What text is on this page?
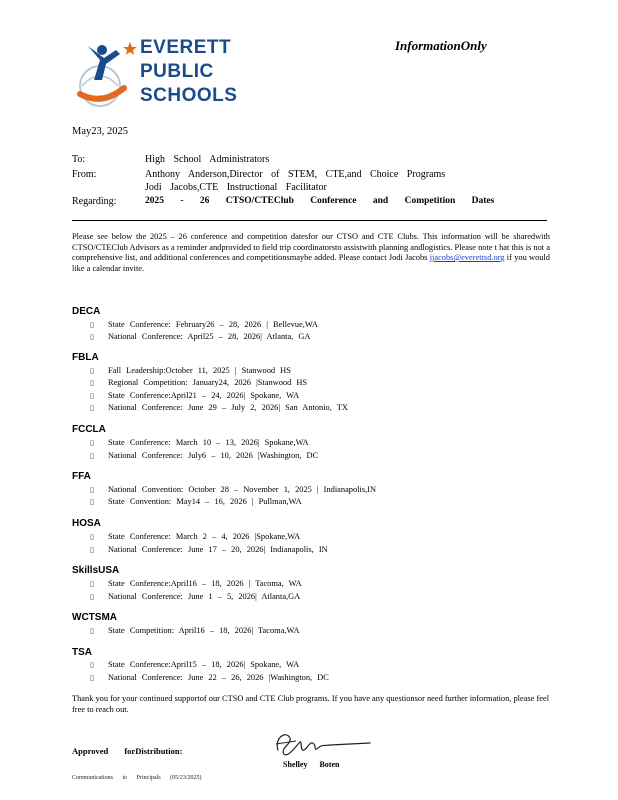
EVERETT
PUBLIC
SCHOOLS
InformationOnly
May23, 2025
To:	High School Administrators
From:	Anthony Anderson,Director of STEM, CTE,and Choice Programs
Jodi Jacobs,CTE Instructional Facilitator
Regarding:	2025 - 26 CTSO/CTEClub Conference and Competition Dates
Please see below the 2025 – 26 conference and competition datesfor our CTSO and CTE Clubs. This information will be sharedwith CTSO/CTEClub Advisors as a reminder andprovided to field trip coordinatorsto assistwith planning andlogistics. Please note t hat this is not a comprehensive list, and additional conferences and competitionsmaybe added. Please contact Jodi Jacobs jjacobs@everettsd.org if you would like a calendar invite.
DECA
▯ State Conference: February26 – 28, 2026 | Bellevue,WA
▯ National Conference: April25 – 28, 2026| Atlanta, GA
FBLA
▯ Fall Leadership:October 11, 2025 | Stanwood HS
▯ Regional Competition: January24, 2026 |Stanwood HS
▯ State Conference:April21 – 24, 2026| Spokane, WA
▯ National Conference: June 29 – July 2, 2026| San Antonio, TX
FCCLA
▯ State Conference: March 10 – 13, 2026| Spokane,WA
▯ National Conference: July6 – 10, 2026 |Washington, DC
FFA
▯ National Convention: October 28 – November 1, 2025 | Indianapolis,IN
▯ State Convention: May14 – 16, 2026 | Pullman,WA
HOSA
▯ State Conference: March 2 – 4, 2026 |Spokane,WA
▯ National Conference: June 17 – 20, 2026| Indianapolis, IN
SkillsUSA
▯ State Conference:April16 – 18, 2026 | Tacoma, WA
▯ National Conference: June 1 – 5, 2026| Atlanta,GA
WCTSMA
▯ State Competition: April16 – 18, 2026| Tacoma,WA
TSA
▯ State Conference:April15 – 18, 2026| Spokane, WA
▯ National Conference: June 22 – 26, 2026 |Washington, DC
Thank you for your continued supportof our CTSO and CTE Club programs. If you have any questionsor need further information, please feel free to reach out.
Approved forDistribution:
Shelley Boten
Communications to Principals (05/23/2025)
